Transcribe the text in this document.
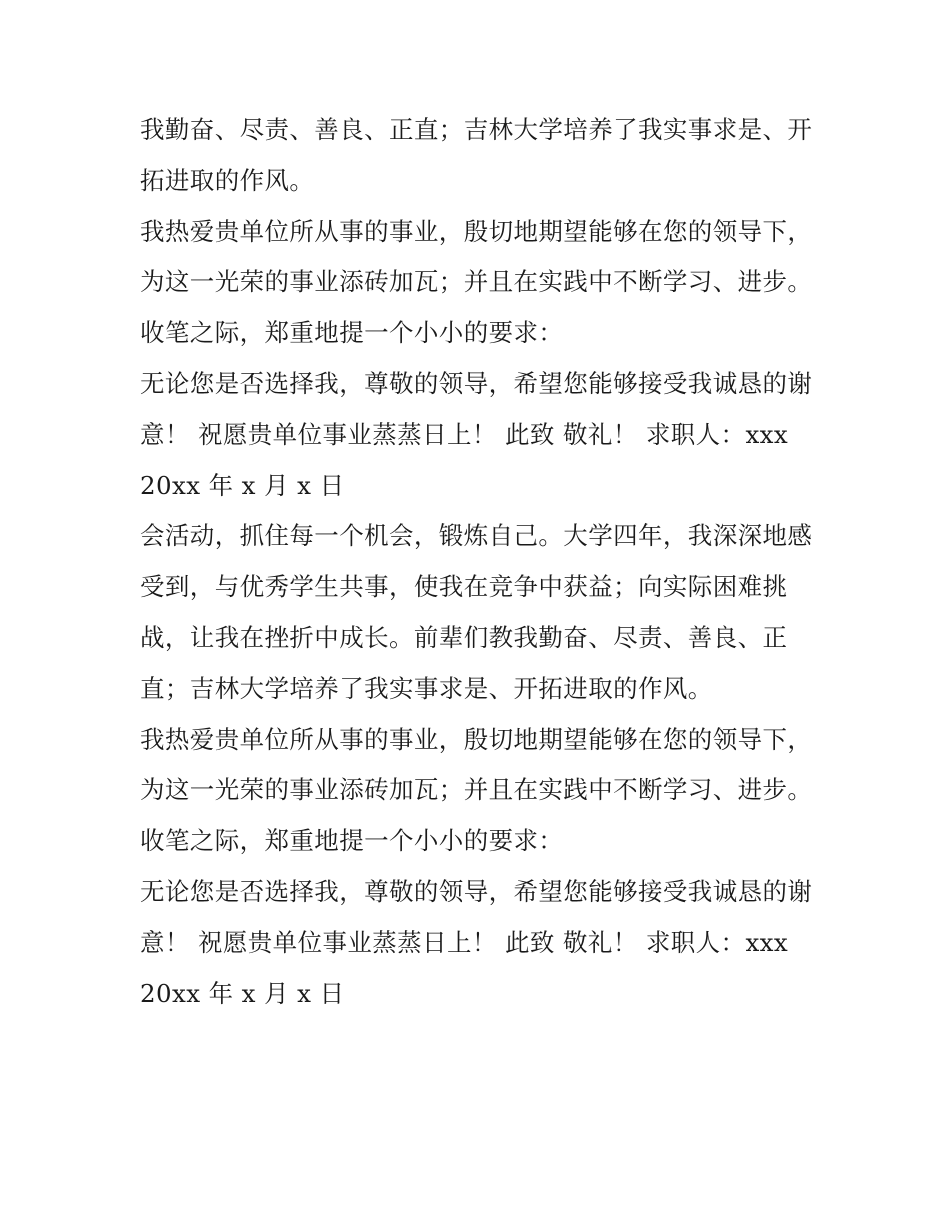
我勤奋、尽责、善良、正直；吉林大学培养了我实事求是、开
拓进取的作风。
我热爱贵单位所从事的事业，殷切地期望能够在您的领导下，
为这一光荣的事业添砖加瓦；并且在实践中不断学习、进步。
收笔之际，郑重地提一个小小的要求：
无论您是否选择我，尊敬的领导，希望您能够接受我诚恳的谢
意！ 祝愿贵单位事业蒸蒸日上！ 此致 敬礼！ 求职人：xxx
20xx 年 x 月 x 日
会活动，抓住每一个机会，锻炼自己。大学四年，我深深地感
受到，与优秀学生共事，使我在竞争中获益；向实际困难挑
战，让我在挫折中成长。前辈们教我勤奋、尽责、善良、正
直；吉林大学培养了我实事求是、开拓进取的作风。
我热爱贵单位所从事的事业，殷切地期望能够在您的领导下，
为这一光荣的事业添砖加瓦；并且在实践中不断学习、进步。
收笔之际，郑重地提一个小小的要求：
无论您是否选择我，尊敬的领导，希望您能够接受我诚恳的谢
意！ 祝愿贵单位事业蒸蒸日上！ 此致 敬礼！ 求职人：xxx
20xx 年 x 月 x 日
